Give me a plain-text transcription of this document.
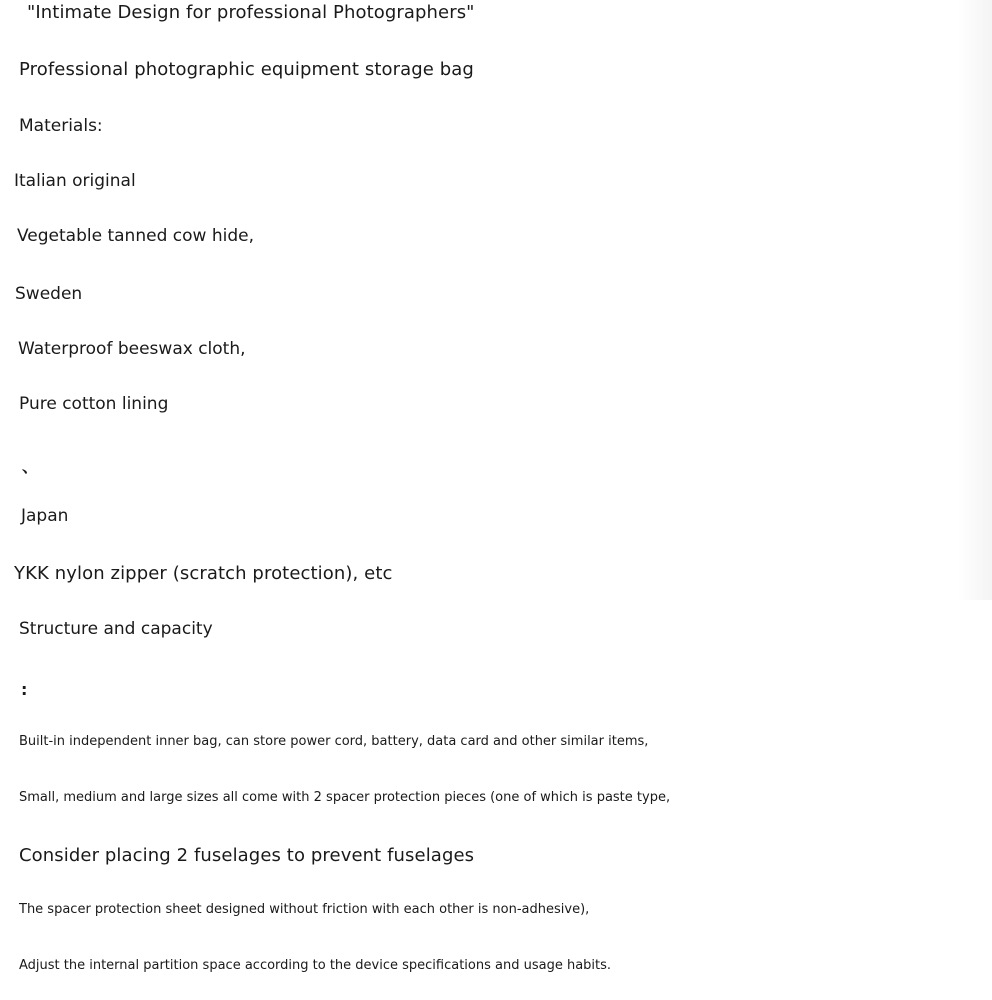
"Intimate Design for professional Photographers"

Professional photographic equipment storage bag

Materials:

Italian original

Vegetable tanned cow hide,

Sweden

Waterproof beeswax cloth,

Pure cotton lining

、

Japan

YKK nylon zipper (scratch protection), etc

Structure and capacity

:

Built-in independent inner bag, can store power cord, battery, data card and other similar items,

Small, medium and large sizes all come with 2 spacer protection pieces (one of which is paste type,

Consider placing 2 fuselages to prevent fuselages

The spacer protection sheet designed without friction with each other is non-adhesive),

Adjust the internal partition space according to the device specifications and usage habits.
